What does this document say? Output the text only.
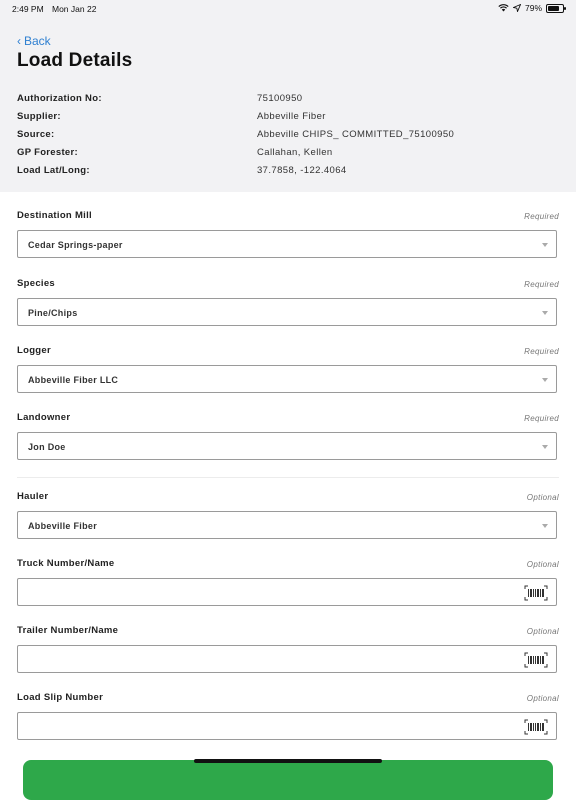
2:49 PM Mon Jan 22	79%
‹ Back
Load Details
Authorization No:	75100950
Supplier:	Abbeville Fiber
Source:	Abbeville CHIPS_ COMMITTED_75100950
GP Forester:	Callahan, Kellen
Load Lat/Long:	37.7858, -122.4064
Destination Mill	Required
Cedar Springs-paper
Species	Required
Pine/Chips
Logger	Required
Abbeville Fiber LLC
Landowner	Required
Jon Doe
Hauler	Optional
Abbeville Fiber
Truck Number/Name	Optional
Trailer Number/Name	Optional
Load Slip Number	Optional
